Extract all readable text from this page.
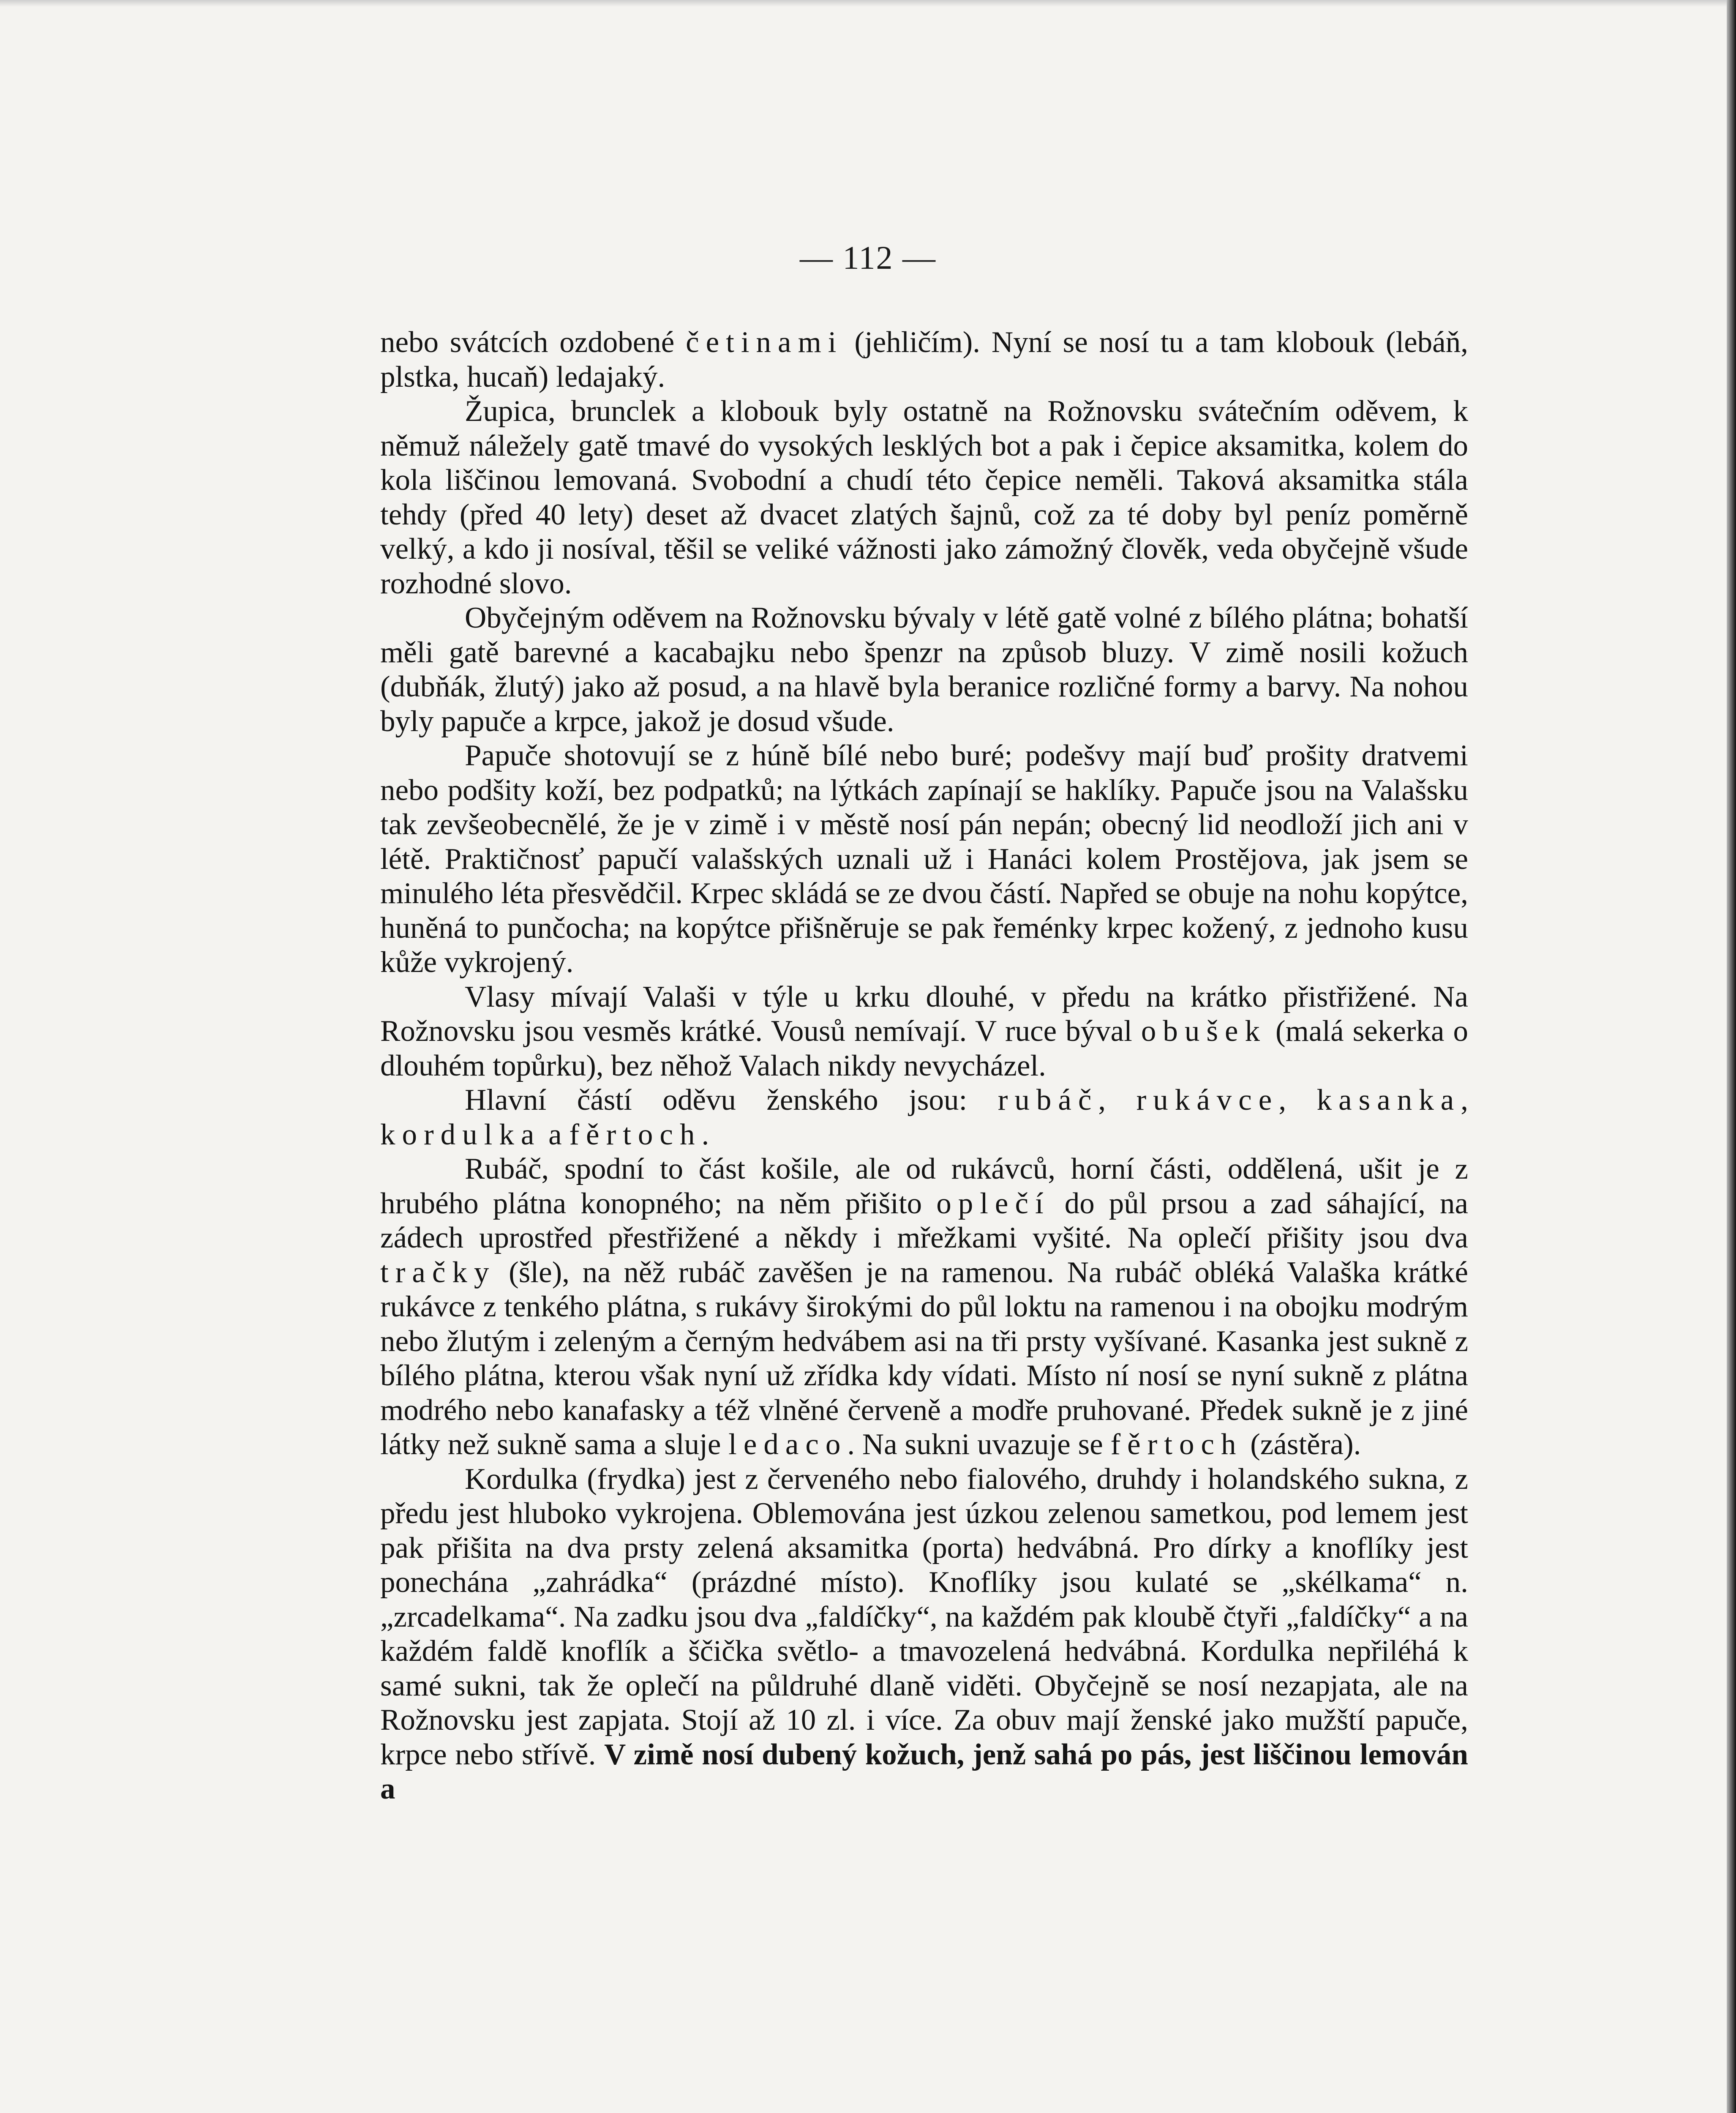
— 112 —

nebo svátcích ozdobené četinami (jehličím). Nyní se nosí tu a tam klobouk (lebáň, plstka, hucaň) ledajaký.

Župica, brunclek a klobouk byly ostatně na Rožnovsku svátečním oděvem, k němuž náležely gatě tmavé do vysokých lesklých bot a pak i čepice aksamitka, kolem do kola liščinou lemovaná. Svobodní a chudí této čepice neměli. Taková aksamitka stála tehdy (před 40 lety) deset až dvacet zlatých šajnů, což za té doby byl peníz poměrně velký, a kdo ji nosíval, těšil se veliké vážnosti jako zámožný člověk, veda obyčejně všude rozhodné slovo.

Obyčejným oděvem na Rožnovsku bývaly v létě gatě volné z bílého plátna; bohatší měli gatě barevné a kacabajku nebo špenzr na způsob bluzy. V zimě nosili kožuch (dubňák, žlutý) jako až posud, a na hlavě byla beranice rozličné formy a barvy. Na nohou byly papuče a krpce, jakož je dosud všude.

Papuče shotovují se z húně bílé nebo buré; podešvy mají buď prošity dratvemi nebo podšity koží, bez podpatků; na lýtkách zapínají se haklíky. Papuče jsou na Valašsku tak zevšeobecnělé, že je v zimě i v městě nosí pán nepán; obecný lid neodloží jich ani v létě. Praktičnosť papučí valašských uznali už i Hanáci kolem Prostějova, jak jsem se minulého léta přesvědčil. Krpec skládá se ze dvou částí. Napřed se obuje na nohu kopýtce, huněná to punčocha; na kopýtce přišněruje se pak řeménky krpec kožený, z jednoho kusu kůže vykrojený.

Vlasy mívají Valaši v týle u krku dlouhé, v předu na krátko přistřižené. Na Rožnovsku jsou vesměs krátké. Vousů nemívají. V ruce býval obušek (malá sekerka o dlouhém topůrku), bez něhož Valach nikdy nevycházel.

Hlavní částí oděvu ženského jsou: rubáč, rukávce, kasanka, kordulka a fěrtoch.

Rubáč, spodní to část košile, ale od rukávců, horní části, oddělená, ušit je z hrubého plátna konopného; na něm přišito oplečí do půl prsou a zad sáhající, na zádech uprostřed přestřižené a někdy i mřežkami vyšité. Na oplečí přišity jsou dva tračky (šle), na něž rubáč zavěšen je na ramenou. Na rubáč obléká Valaška krátké rukávce z tenkého plátna, s rukávy širokými do půl loktu na ramenou i na obojku modrým nebo žlutým i zeleným a černým hedvábem asi na tři prsty vyšívané. Kasanka jest sukně z bílého plátna, kterou však nyní už zřídka kdy vídati. Místo ní nosí se nyní sukně z plátna modrého nebo kanafasky a též vlněné červeně a modře pruhované. Předek sukně je z jiné látky než sukně sama a sluje ledaco. Na sukni uvazuje se fěrtoch (zástěra).

Kordulka (frydka) jest z červeného nebo fialového, druhdy i holandského sukna, z předu jest hluboko vykrojena. Oblemována jest úzkou zelenou sametkou, pod lemem jest pak přišita na dva prsty zelená aksamitka (porta) hedvábná. Pro dírky a knoflíky jest ponechána „zahrádka“ (prázdné místo). Knoflíky jsou kulaté se „skélkama“ n. „zrcadelkama“. Na zadku jsou dva „faldíčky“, na každém pak kloubě čtyři „faldíčky“ a na každém faldě knoflík a ščička světlo- a tmavozelená hedvábná. Kordulka nepřiléhá k samé sukni, tak že oplečí na půldruhé dlaně viděti. Obyčejně se nosí nezapjata, ale na Rožnovsku jest zapjata. Stojí až 10 zl. i více. Za obuv mají ženské jako mužští papuče, krpce nebo střívě. V zimě nosí dubený kožuch, jenž sahá po pás, jest liščinou lemován a
